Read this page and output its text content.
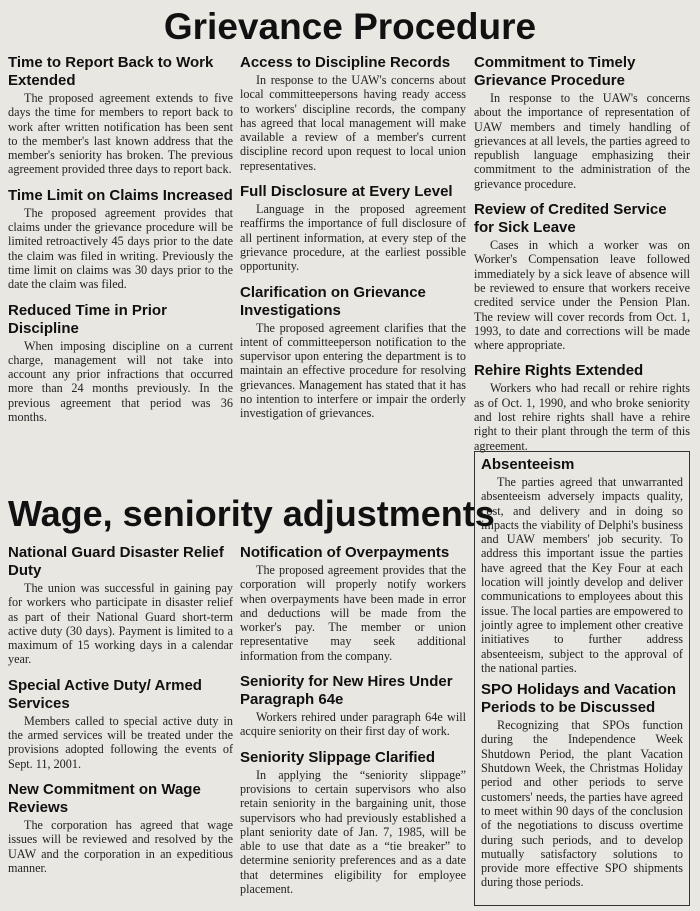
Grievance Procedure
Time to Report Back to Work Extended

The proposed agreement extends to five days the time for members to report back to work after written notification has been sent to the member's last known address that the member's seniority has broken. The previous agreement provided three days to report back.

Time Limit on Claims Increased

The proposed agreement provides that claims under the grievance procedure will be limited retroactively 45 days prior to the date the claim was filed in writing. Previously the time limit on claims was 30 days prior to the date the claim was filed.

Reduced Time in Prior Discipline

When imposing discipline on a current charge, management will not take into account any prior infractions that occurred more than 24 months previously. In the previous agreement that period was 36 months.

Access to Discipline Records

In response to the UAW's concerns about local committeepersons having ready access to workers' discipline records, the company has agreed that local management will make available a review of a member's current discipline record upon request to local union representatives.

Full Disclosure at Every Level

Language in the proposed agreement reaffirms the importance of full disclosure of all pertinent information, at every step of the grievance procedure, at the earliest possible opportunity.

Clarification on Grievance Investigations

The proposed agreement clarifies that the intent of committeeperson notification to the supervisor upon entering the department is to maintain an effective procedure for resolving grievances. Management has stated that it has no intention to interfere or impair the orderly investigation of grievances.

Commitment to Timely Grievance Procedure

In response to the UAW's concerns about the importance of representation of UAW members and timely handling of grievances at all levels, the parties agreed to republish language emphasizing their commitment to the administration of the grievance procedure.

Review of Credited Service for Sick Leave

Cases in which a worker was on Worker's Compensation leave followed immediately by a sick leave of absence will be reviewed to ensure that workers receive credited service under the Pension Plan. The review will cover records from Oct. 1, 1993, to date and corrections will be made where appropriate.

Rehire Rights Extended

Workers who had recall or rehire rights as of Oct. 1, 1990, and who broke seniority and lost rehire rights shall have a rehire right to their plant through the term of this agreement.

Absenteeism

The parties agreed that unwarranted absenteeism adversely impacts quality, cost, and delivery and in doing so impacts the viability of Delphi's business and UAW members' job security. To address this important issue the parties have agreed that the Key Four at each location will jointly develop and deliver communications to employees about this issue. The local parties are empowered to jointly agree to implement other creative initiatives to further address absenteeism, subject to the approval of the national parties.

SPO Holidays and Vacation Periods to be Discussed

Recognizing that SPOs function during the Independence Week Shutdown Period, the plant Vacation Shutdown Week, the Christmas Holiday period and other periods to serve customers' needs, the parties have agreed to meet within 90 days of the conclusion of the negotiations to discuss overtime during such periods, and to develop mutually satisfactory solutions to provide more effective SPO shipments during those periods.

Wage, seniority adjustments
National Guard Disaster Relief Duty

The union was successful in gaining pay for workers who participate in disaster relief as part of their National Guard short-term active duty (30 days). Payment is limited to a maximum of 15 working days in a calendar year.

Special Active Duty/ Armed Services

Members called to special active duty in the armed services will be treated under the provisions adopted following the events of Sept. 11, 2001.

New Commitment on Wage Reviews

The corporation has agreed that wage issues will be reviewed and resolved by the UAW and the corporation in an expeditious manner.

Notification of Overpayments

The proposed agreement provides that the corporation will properly notify workers when overpayments have been made in error and deductions will be made from the worker's pay. The member or union representative may seek additional information from the company.

Seniority for New Hires Under Paragraph 64e

Workers rehired under paragraph 64e will acquire seniority on their first day of work.

Seniority Slippage Clarified

In applying the “seniority slippage” provisions to certain supervisors who also retain seniority in the bargaining unit, those supervisors who had previously established a plant seniority date of Jan. 7, 1985, will be able to use that date as a “tie breaker” to determine seniority preferences and as a date that determines eligibility for employee placement.
